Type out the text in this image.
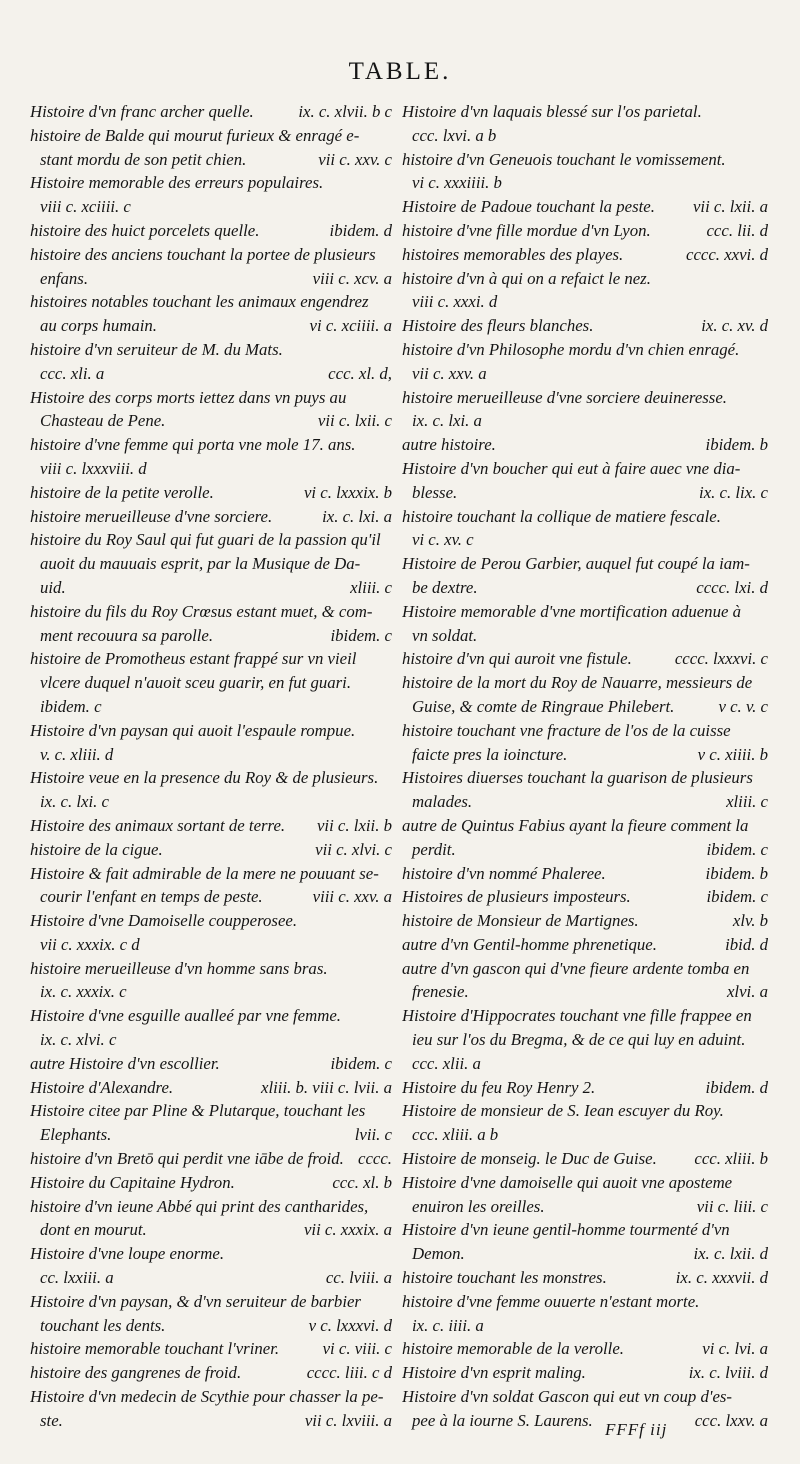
TABLE.
Histoire d'vn franc archer quelle.	ix. c. xlvii. b c
histoire de Balde qui mourut furieux & enragé e-
stant mordu de son petit chien.	vii c. xxv. c
Histoire memorable des erreurs populaires.
viii c. xciiii. c
histoire des huict porcelets quelle.	ibidem. d
histoire des anciens touchant la portee de plusieurs
enfans.	viii c. xcv. a
histoires notables touchant les animaux engendrez
au corps humain.	vi c. xciiii. a
histoire d'vn seruiteur de M. du Mats.
ccc. xli. a	ccc. xl. d,
Histoire des corps morts iettez dans vn puys au
Chasteau de Pene.	vii c. lxii. c
histoire d'vne femme qui porta vne mole 17. ans.
viii c. lxxxviii. d
histoire de la petite verolle.	vi c. lxxxix. b
histoire merueilleuse d'vne sorciere.	ix. c. lxi. a
histoire du Roy Saul qui fut guari de la passion qu'il
auoit du mauuais esprit, par la Musique de Da-
uid.	xliii. c
histoire du fils du Roy Crœsus estant muet, & com-
ment recouura sa parolle.	ibidem. c
histoire de Promotheus estant frappé sur vn vieil
vlcere duquel n'auoit sceu guarir, en fut guari.
ibidem. c
Histoire d'vn paysan qui auoit l'espaule rompue.
v. c. xliii. d
Histoire veue en la presence du Roy & de plusieurs.
ix. c. lxi. c
Histoire des animaux sortant de terre. vii c. lxii. b
histoire de la cigue.	vii c. xlvi. c
Histoire & fait admirable de la mere ne pouuant se-
courir l'enfant en temps de peste.	viii c. xxv. a
Histoire d'vne Damoiselle coupperosee.
vii c. xxxix. c d
histoire merueilleuse d'vn homme sans bras.
ix. c. xxxix. c
Histoire d'vne esguille aualleé par vne femme.
ix. c. xlvi. c
autre Histoire d'vn escollier.	ibidem. c
Histoire d'Alexandre.	xliii. b. viii c. lvii. a
Histoire citee par Pline & Plutarque, touchant les
Elephants.	lvii. c
histoire d'vn Bretō qui perdit vne iābe de froid. cccc.
Histoire du Capitaine Hydron.	ccc. xl. b
histoire d'vn ieune Abbé qui print des cantharides,
dont en mourut.	vii c. xxxix. a
Histoire d'vne loupe enorme.
cc. lxxiii. a	cc. lviii. a
Histoire d'vn paysan, & d'vn seruiteur de barbier
touchant les dents.	v c. lxxxvi. d
histoire memorable touchant l'vriner.	vi c. viii. c
histoire des gangrenes de froid.	cccc. liii. c d
Histoire d'vn medecin de Scythie pour chasser la pe-
ste.	vii c. lxviii. a
Histoire d'vn laquais blessé sur l'os parietal.
ccc. lxvi. a b
histoire d'vn Geneuois touchant le vomissement.
vi c. xxxiiii. b
Histoire de Padoue touchant la peste. vii c. lxii. a
histoire d'vne fille mordue d'vn Lyon.	ccc. lii. d
histoires memorables des playes.	cccc. xxvi. d
histoire d'vn à qui on a refaict le nez.
viii c. xxxi. d
Histoire des fleurs blanches.	ix. c. xv. d
histoire d'vn Philosophe mordu d'vn chien enragé.
vii c. xxv. a
histoire merueilleuse d'vne sorciere deuineresse.
ix. c. lxi. a
autre histoire.	ibidem. b
Histoire d'vn boucher qui eut à faire auec vne dia-
blesse.	ix. c. lix. c
histoire touchant la collique de matiere fescale.
vi c. xv. c
Histoire de Perou Garbier, auquel fut coupé la iam-
be dextre.	cccc. lxi. d
Histoire memorable d'vne mortification aduenue à
vn soldat.
histoire d'vn qui auroit vne fistule.	cccc. lxxxvi. c
histoire de la mort du Roy de Nauarre, messieurs de
Guise, & comte de Ringraue Philebert.	v c. v. c
histoire touchant vne fracture de l'os de la cuisse
faicte pres la ioincture.	v c. xiiii. b
Histoires diuerses touchant la guarison de plusieurs
malades.	xliii. c
autre de Quintus Fabius ayant la fieure comment la
perdit.	ibidem. c
histoire d'vn nommé Phaleree.	ibidem. b
Histoires de plusieurs imposteurs.	ibidem. c
histoire de Monsieur de Martignes.	xlv. b
autre d'vn Gentil-homme phrenetique.	ibid. d
autre d'vn gascon qui d'vne fieure ardente tomba en
frenesie.	xlvi. a
Histoire d'Hippocrates touchant vne fille frappee en
ieu sur l'os du Bregma, & de ce qui luy en aduint.
ccc. xlii. a
Histoire du feu Roy Henry 2.	ibidem. d
Histoire de monsieur de S. Iean escuyer du Roy.
ccc. xliii. a b
Histoire de monseig. le Duc de Guise. ccc. xliii. b
Histoire d'vne damoiselle qui auoit vne aposteme
enuiron les oreilles.	vii c. liii. c
Histoire d'vn ieune gentil-homme tourmenté d'vn
Demon.	ix. c. lxii. d
histoire touchant les monstres.	ix. c. xxxvii. d
histoire d'vne femme ouuerte n'estant morte.
ix. c. iiii. a
histoire memorable de la verolle.	vi c. lvi. a
Histoire d'vn esprit maling.	ix. c. lviii. d
Histoire d'vn soldat Gascon qui eut vn coup d'es-
pee à la iourne S. Laurens.	ccc. lxxv. a
FFFf iij
